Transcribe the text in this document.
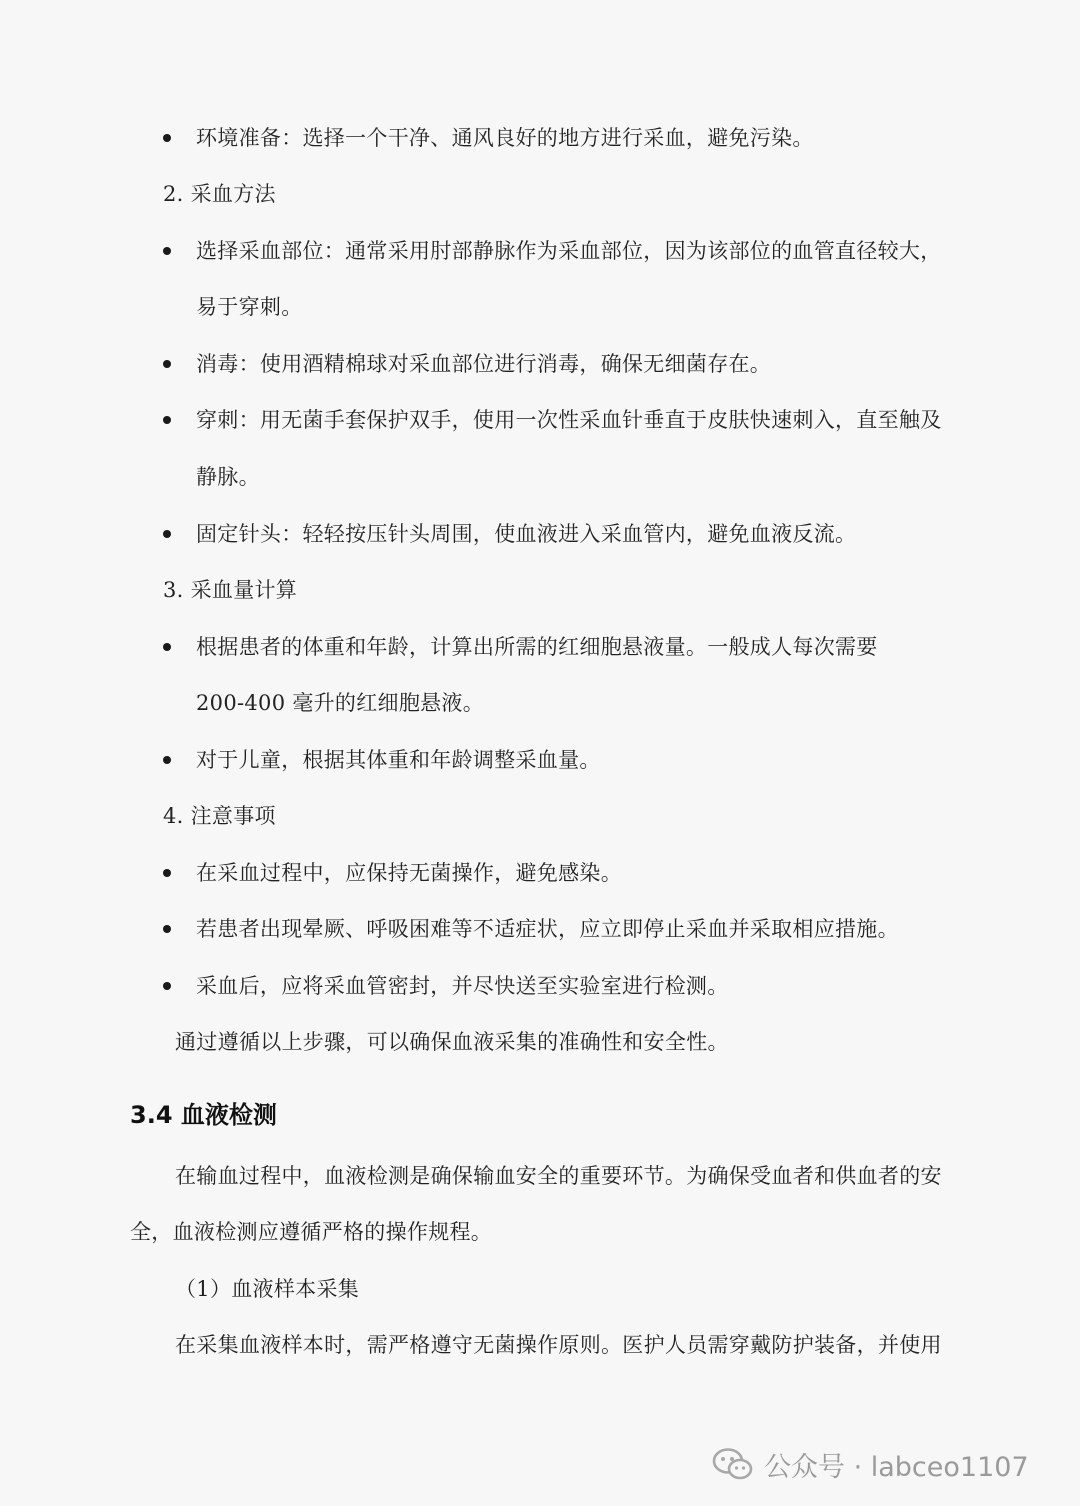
环境准备：选择一个干净、通风良好的地方进行采血，避免污染。
2. 采血方法
选择采血部位：通常采用肘部静脉作为采血部位，因为该部位的血管直径较大，
易于穿刺。
消毒：使用酒精棉球对采血部位进行消毒，确保无细菌存在。
穿刺：用无菌手套保护双手，使用一次性采血针垂直于皮肤快速刺入，直至触及
静脉。
固定针头：轻轻按压针头周围，使血液进入采血管内，避免血液反流。
3. 采血量计算
根据患者的体重和年龄，计算出所需的红细胞悬液量。一般成人每次需要
200-400 毫升的红细胞悬液。
对于儿童，根据其体重和年龄调整采血量。
4. 注意事项
在采血过程中，应保持无菌操作，避免感染。
若患者出现晕厥、呼吸困难等不适症状，应立即停止采血并采取相应措施。
采血后，应将采血管密封，并尽快送至实验室进行检测。
通过遵循以上步骤，可以确保血液采集的准确性和安全性。
3.4 血液检测
在输血过程中，血液检测是确保输血安全的重要环节。为确保受血者和供血者的安
全，血液检测应遵循严格的操作规程。
（1）血液样本采集
在采集血液样本时，需严格遵守无菌操作原则。医护人员需穿戴防护装备，并使用
公众号 · labceo1107
